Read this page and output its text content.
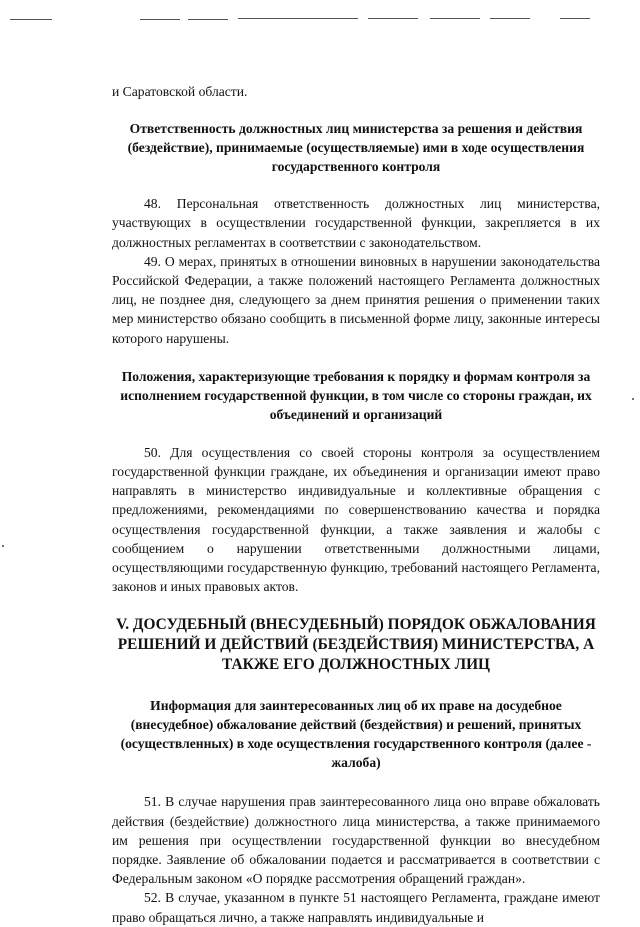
и Саратовской области.

Ответственность должностных лиц министерства за решения и действия (бездействие), принимаемые (осуществляемые) ими в ходе осуществления государственного контроля

48. Персональная ответственность должностных лиц министерства, участвующих в осуществлении государственной функции, закрепляется в их должностных регламентах в соответствии с законодательством.

49. О мерах, принятых в отношении виновных в нарушении законодательства Российской Федерации, а также положений настоящего Регламента должностных лиц, не позднее дня, следующего за днем принятия решения о применении таких мер министерство обязано сообщить в письменной форме лицу, законные интересы которого нарушены.

Положения, характеризующие требования к порядку и формам контроля за исполнением государственной функции, в том числе со стороны граждан, их объединений и организаций

50. Для осуществления со своей стороны контроля за осуществлением государственной функции граждане, их объединения и организации имеют право направлять в министерство индивидуальные и коллективные обращения с предложениями, рекомендациями по совершенствованию качества и порядка осуществления государственной функции, а также заявления и жалобы с сообщением о нарушении ответственными должностными лицами, осуществляющими государственную функцию, требований настоящего Регламента, законов и иных правовых актов.

V. ДОСУДЕБНЫЙ (ВНЕСУДЕБНЫЙ) ПОРЯДОК ОБЖАЛОВАНИЯ РЕШЕНИЙ И ДЕЙСТВИЙ (БЕЗДЕЙСТВИЯ) МИНИСТЕРСТВА, А ТАКЖЕ ЕГО ДОЛЖНОСТНЫХ ЛИЦ

Информация для заинтересованных лиц об их праве на досудебное (внесудебное) обжалование действий (бездействия) и решений, принятых (осуществленных) в ходе осуществления государственного контроля (далее - жалоба)

51. В случае нарушения прав заинтересованного лица оно вправе обжаловать действия (бездействие) должностного лица министерства, а также принимаемого им решения при осуществлении государственной функции во внесудебном порядке. Заявление об обжаловании подается и рассматривается в соответствии с Федеральным законом «О порядке рассмотрения обращений граждан».

52. В случае, указанном в пункте 51 настоящего Регламента, граждане имеют право обращаться лично, а также направлять индивидуальные и
